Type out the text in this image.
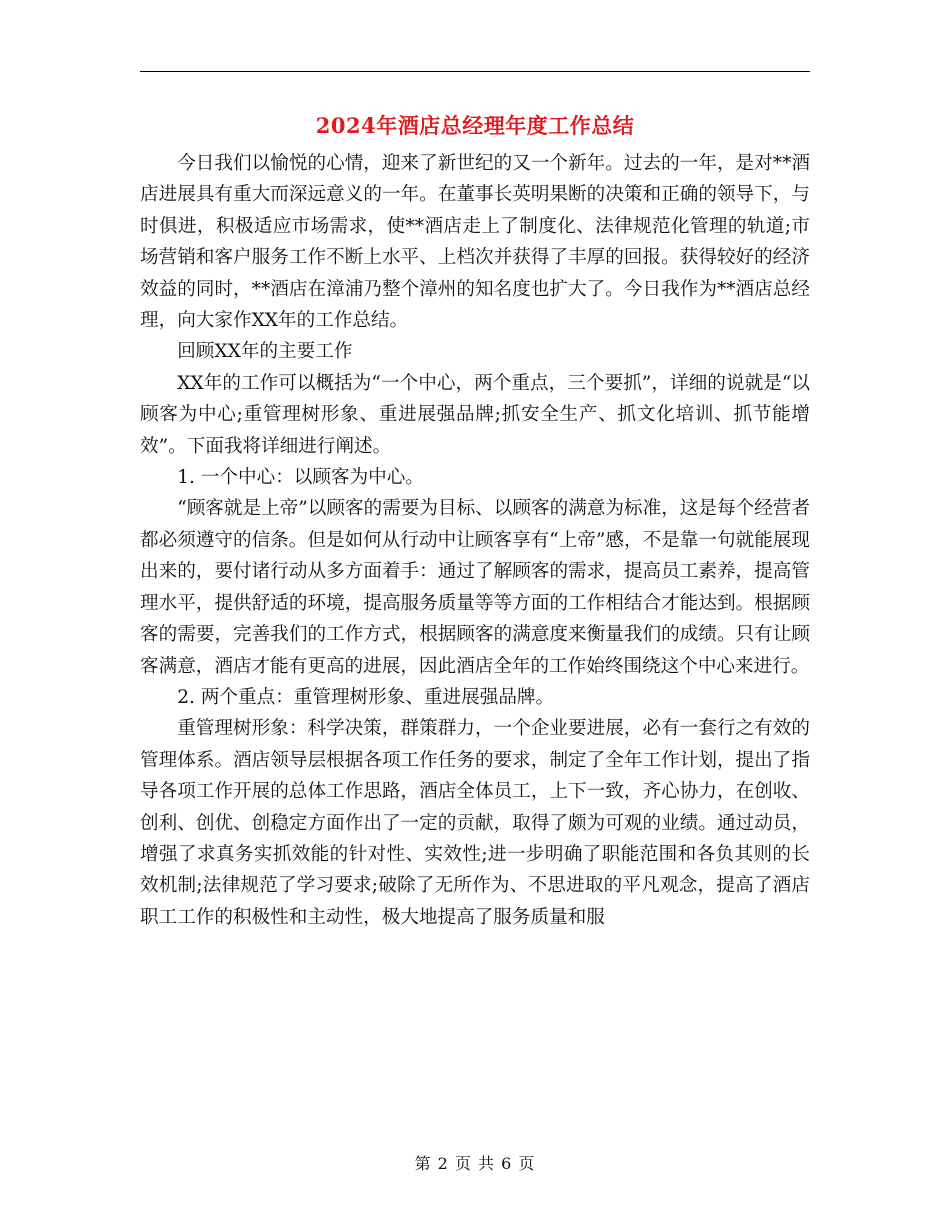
2024年酒店总经理年度工作总结

今日我们以愉悦的心情，迎来了新世纪的又一个新年。过去的一年，是对**酒店进展具有重大而深远意义的一年。在董事长英明果断的决策和正确的领导下，与时俱进，积极适应市场需求，使**酒店走上了制度化、法律规范化管理的轨道;市场营销和客户服务工作不断上水平、上档次并获得了丰厚的回报。获得较好的经济效益的同时，**酒店在漳浦乃整个漳州的知名度也扩大了。今日我作为**酒店总经理，向大家作XX年的工作总结。

回顾XX年的主要工作

XX年的工作可以概括为“一个中心，两个重点，三个要抓”，详细的说就是“以顾客为中心;重管理树形象、重进展强品牌;抓安全生产、抓文化培训、抓节能增效”。下面我将详细进行阐述。

1. 一个中心：以顾客为中心。

“顾客就是上帝”以顾客的需要为目标、以顾客的满意为标准，这是每个经营者都必须遵守的信条。但是如何从行动中让顾客享有“上帝”感，不是靠一句就能展现出来的，要付诸行动从多方面着手：通过了解顾客的需求，提高员工素养，提高管理水平，提供舒适的环境，提高服务质量等等方面的工作相结合才能达到。根据顾客的需要，完善我们的工作方式，根据顾客的满意度来衡量我们的成绩。只有让顾客满意，酒店才能有更高的进展，因此酒店全年的工作始终围绕这个中心来进行。

2. 两个重点：重管理树形象、重进展强品牌。

重管理树形象：科学决策，群策群力，一个企业要进展，必有一套行之有效的管理体系。酒店领导层根据各项工作任务的要求，制定了全年工作计划，提出了指导各项工作开展的总体工作思路，酒店全体员工，上下一致，齐心协力，在创收、创利、创优、创稳定方面作出了一定的贡献，取得了颇为可观的业绩。通过动员，增强了求真务实抓效能的针对性、实效性;进一步明确了职能范围和各负其则的长效机制;法律规范了学习要求;破除了无所作为、不思进取的平凡观念，提高了酒店职工工作的积极性和主动性，极大地提高了服务质量和服

第 2 页 共 6 页
